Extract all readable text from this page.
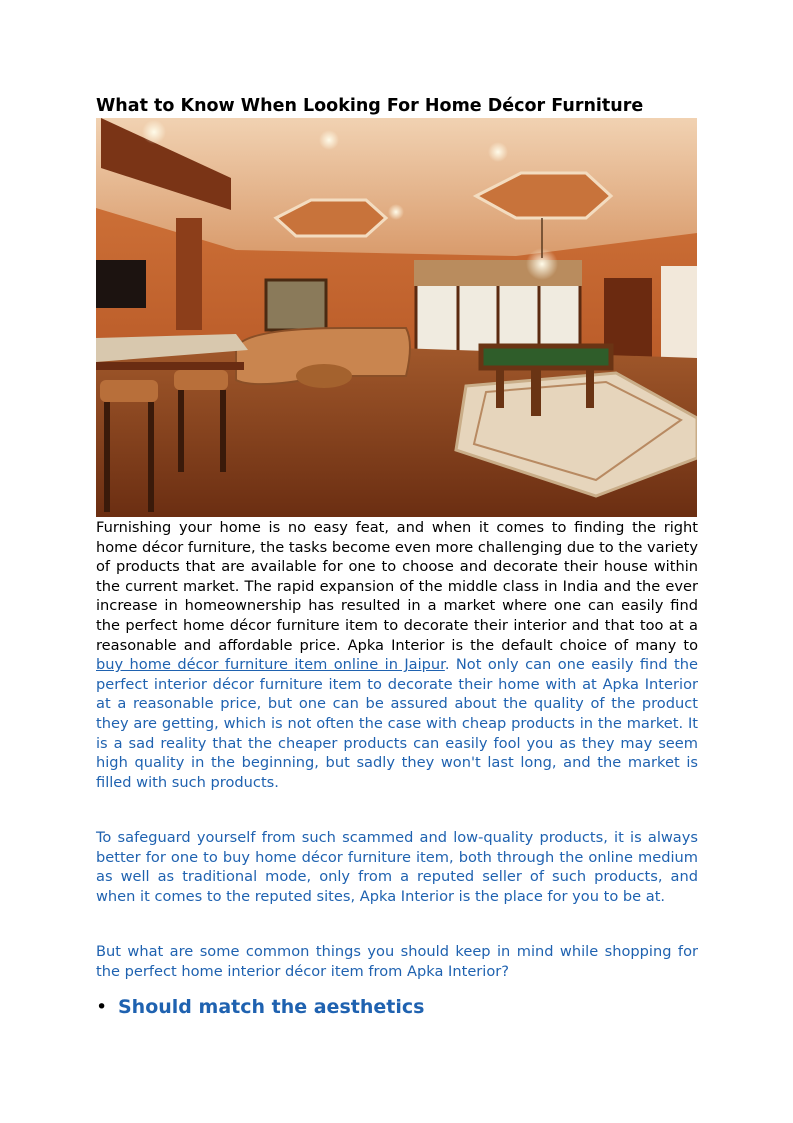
What to Know When Looking For Home Décor Furniture
Furnishing your home is no easy feat, and when it comes to finding the right home décor furniture, the tasks become even more challenging due to the variety of products that are available for one to choose and decorate their house within the current market. The rapid expansion of the middle class in India and the ever increase in homeownership has resulted in a market where one can easily find the perfect home décor furniture item to decorate their interior and that too at a reasonable and affordable price. Apka Interior is the default choice of many to buy home décor furniture item online in Jaipur. Not only can one easily find the perfect interior décor furniture item to decorate their home with at Apka Interior at a reasonable price, but one can be assured about the quality of the product they are getting, which is not often the case with cheap products in the market. It is a sad reality that the cheaper products can easily fool you as they may seem high quality in the beginning, but sadly they won't last long, and the market is filled with such products.
To safeguard yourself from such scammed and low-quality products, it is always better for one to buy home décor furniture item, both through the online medium as well as traditional mode, only from a reputed seller of such products, and when it comes to the reputed sites, Apka Interior is the place for you to be at.
But what are some common things you should keep in mind while shopping for the perfect home interior décor item from Apka Interior?
• Should match the aesthetics
